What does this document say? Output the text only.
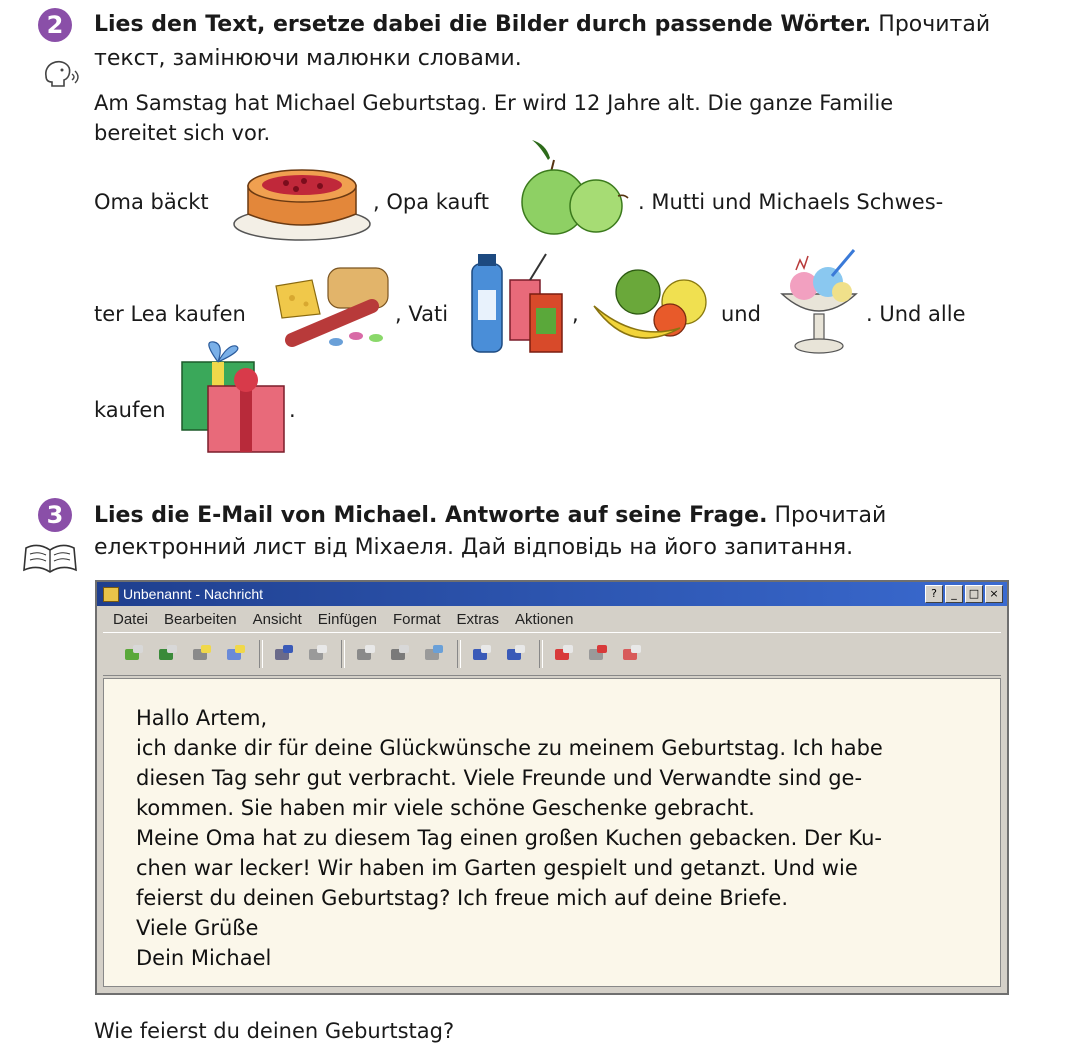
2	Lies den Text, ersetze dabei die Bilder durch passende Wörter. Прочитай
текст, замінюючи малюнки словами.
Am Samstag hat Michael Geburtstag. Er wird 12 Jahre alt. Die ganze Familie
bereitet sich vor.
Oma bäckt	, Opa kauft	. Mutti und Michaels Schwes-
ter Lea kaufen	, Vati	,	und	. Und alle
kaufen	.
3	Lies die E-Mail von Michael. Antworte auf seine Frage. Прочитай
електронний лист від Міхаеля. Дай відповідь на його запитання.
Unbenannt - Nachricht	?	_	□ ×
Datei Bearbeiten Ansicht Einfügen Format Extras Aktionen
Hallo Artem,
ich danke dir für deine Glückwünsche zu meinem Geburtstag. Ich habe
diesen Tag sehr gut verbracht. Viele Freunde und Verwandte sind ge-
kommen. Sie haben mir viele schöne Geschenke gebracht.
Meine Oma hat zu diesem Tag einen großen Kuchen gebacken. Der Ku-
chen war lecker! Wir haben im Garten gespielt und getanzt. Und wie
feierst du deinen Geburtstag? Ich freue mich auf deine Briefe.
Viele Grüße
Dein Michael
Wie feierst du deinen Geburtstag?
